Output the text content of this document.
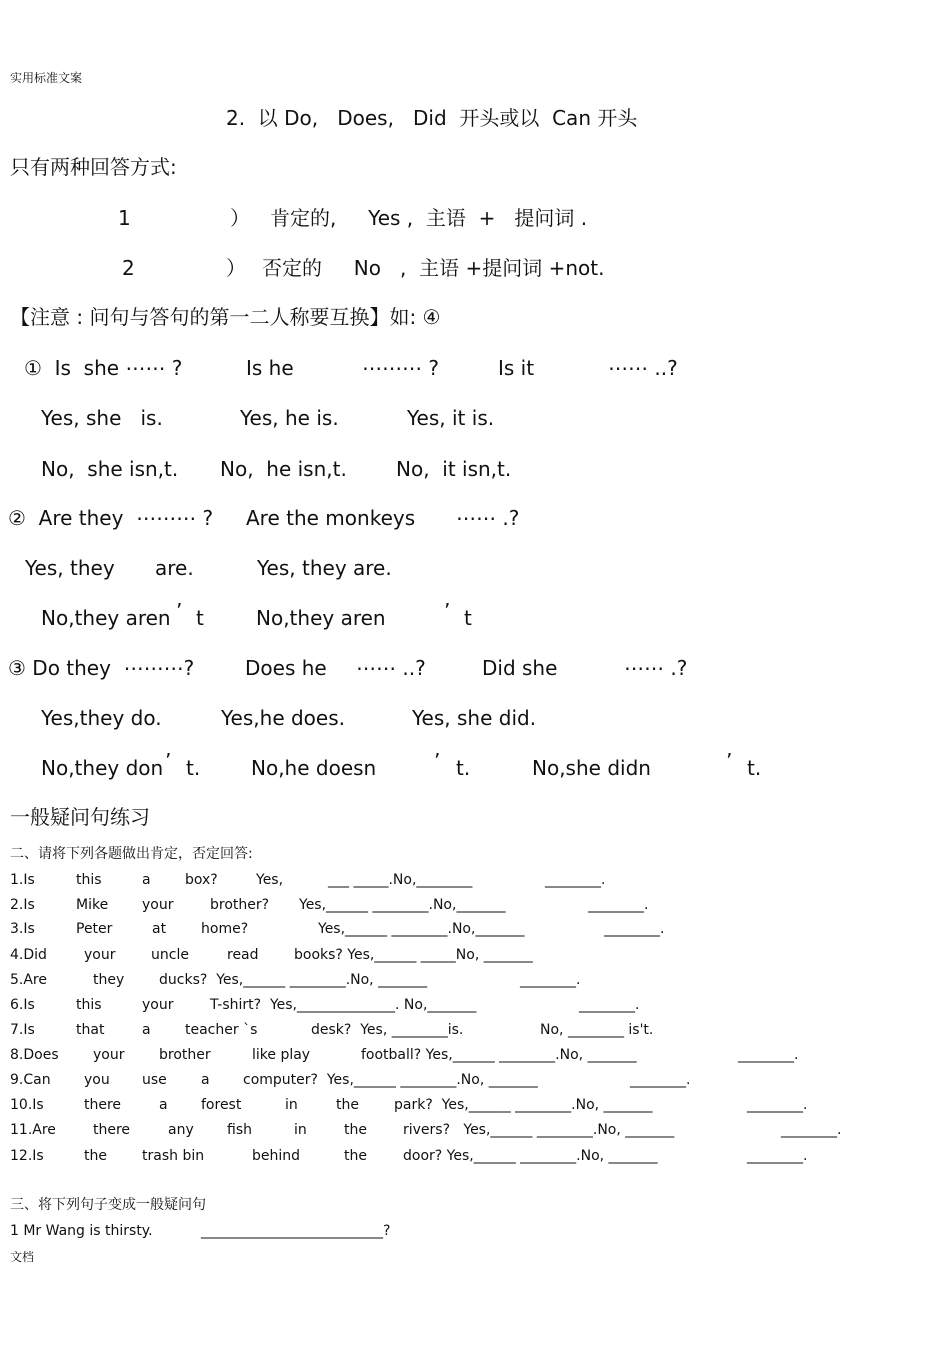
实用标准文案
2.  以 Do,   Does,   Did  开头或以  Can 开头
只有两种回答方式:
1	） 肯定的,     Yes ,  主语  +   提问词 .
2	） 否定的     No   ,  主语 +提问词 +not.
【注意 : 问句与答句的第一二人称要互换】如: ④
①  Is  she ⋯⋯ ?	Is he	⋯⋯⋯ ?	Is it	⋯⋯ ..?
Yes, she   is.	Yes, he is.	Yes, it is.
No,  she isn,t. No,  he isn,t. No,  it isn,t.
②  Are they  ⋯⋯⋯ ? Are the monkeys ⋯⋯ .?
Yes, they are.	Yes, they are.
No,they aren ’ t	No,they aren	’ t
③ Do they  ⋯⋯⋯?	Does he ⋯⋯ ..?	Did she	⋯⋯ .?
Yes,they do.	Yes,he does.	Yes, she did.
No,they don ’ t.	No,he doesn	’ t.	No,she didn	’ t.
一般疑问句练习
二、请将下列各题做出肯定，否定回答:
1.Is	this	a box?	Yes,	___ _____.No,________	________.
2.Is	Mike your	brother? Yes,______ ________.No,_______	________.
3.Is	Peter	at home?	Yes,______ ________.No,_______	________.
4.Did	your	uncle	read	books? Yes,______ _____No, _______
5.Are	they ducks?  Yes,______ ________.No, _______	________.
6.Is	this	your	T-shirt?  Yes,______________. No,_______	________.
7.Is	that	a teacher `s	desk?  Yes, ________is.	No, ________ is't.
8.Does your brother	like play	football? Yes,______ ________.No, _______	________.
9.Can you use a computer?  Yes,______ ________.No, _______	________.
10.Is	there	a forest	in	the	park?  Yes,______ ________.No, _______	________.
11.Are	there	any fish	in	the	rivers?   Yes,______ ________.No, _______	________.
12.Is	the	trash bin	behind	the	door? Yes,______ ________.No, _______	________.
三、将下列句子变成一般疑问句
1 Mr Wang is thirsty.	__________________________?
文档
